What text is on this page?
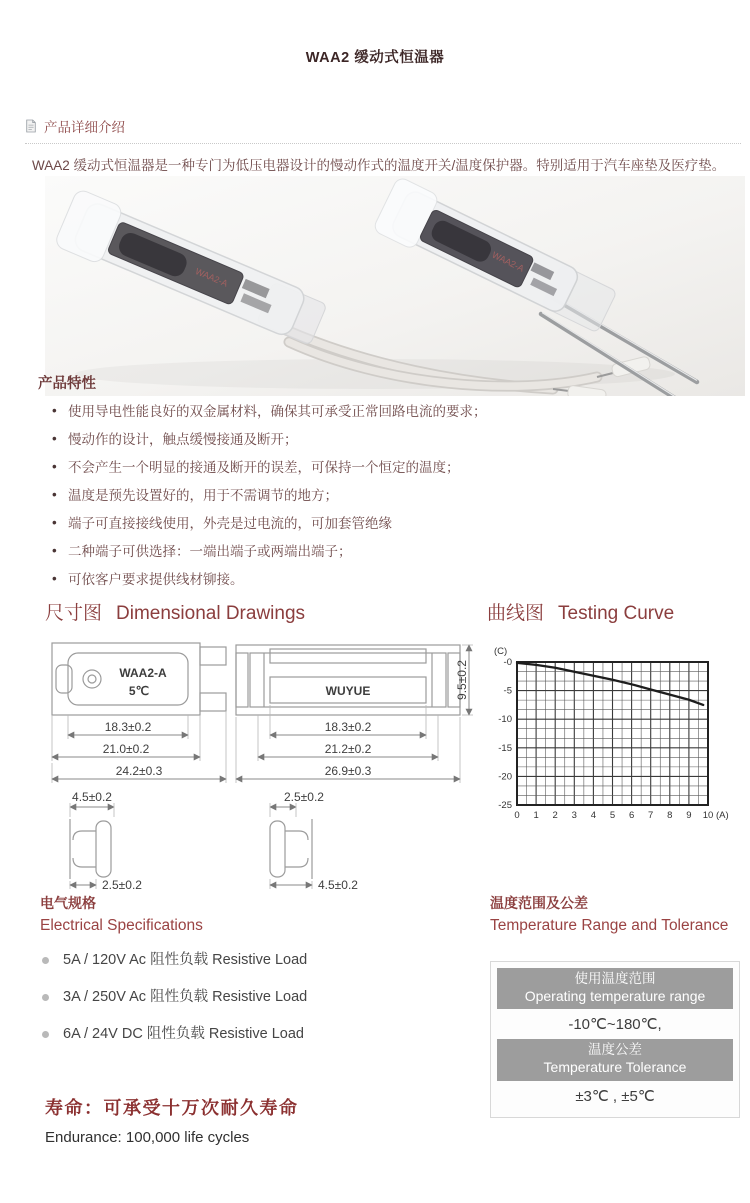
WAA2 缓动式恒温器
产品详细介绍
WAA2 缓动式恒温器是一种专门为低压电器设计的慢动作式的温度开关/温度保护器。特别适用于汽车座垫及医疗垫。
WAA2-A
WAA2-A
产品特性
• 使用导电性能良好的双金属材料，确保其可承受正常回路电流的要求；
• 慢动作的设计，触点缓慢接通及断开；
• 不会产生一个明显的接通及断开的误差，可保持一个恒定的温度；
• 温度是预先设置好的，用于不需调节的地方；
• 端子可直接接线使用，外壳是过电流的，可加套管绝缘
• 二种端子可供选择：一端出端子或两端出端子；
• 可依客户要求提供线材铆接。
尺寸图 Dimensional Drawings	曲线图 Testing Curve
WAA2-A
5℃
18.3±0.2
21.0±0.2
24.2±0.3
4.5±0.2
2.5±0.2
WUYUE
18.3±0.2
21.2±0.2
26.9±0.3
9.5±0.2
2.5±0.2
4.5±0.2
(C)
-0
-5
-10
-15
-20
-25
0 1 2 3 4 5 6 7 8 9 10 (A)
电气规格
Electrical Specifications
5A / 120V Ac 阻性负载 Resistive Load
3A / 250V Ac 阻性负载 Resistive Load
6A / 24V DC 阻性负载 Resistive Load
温度范围及公差
Temperature Range and Tolerance
使用温度范围
Operating temperature range
-10℃~180℃,
温度公差
Temperature Tolerance
±3℃ , ±5℃
寿命：可承受十万次耐久寿命
Endurance: 100,000 life cycles
